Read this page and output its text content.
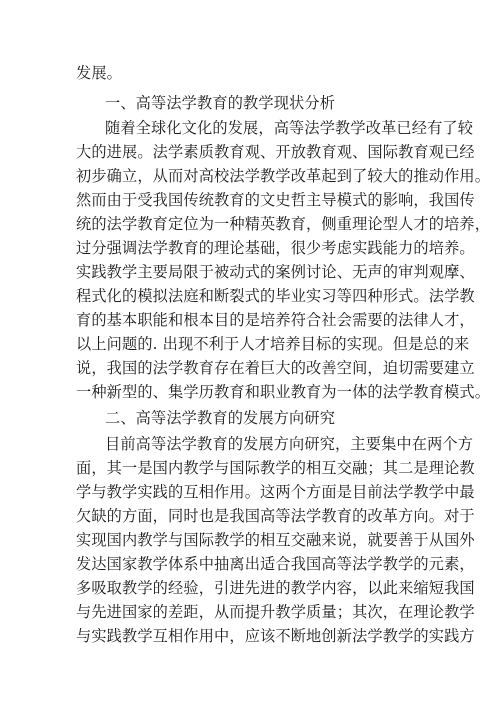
发展。
一、高等法学教育的教学现状分析
随着全球化文化的发展，高等法学教学改革已经有了较
大的进展。法学素质教育观、开放教育观、国际教育观已经
初步确立，从而对高校法学教学改革起到了较大的推动作用。
然而由于受我国传统教育的文史哲主导模式的影响，我国传
统的法学教育定位为一种精英教育，侧重理论型人才的培养，
过分强调法学教育的理论基础，很少考虑实践能力的培养。
实践教学主要局限于被动式的案例讨论、无声的审判观摩、
程式化的模拟法庭和断裂式的毕业实习等四种形式。法学教
育的基本职能和根本目的是培养符合社会需要的法律人才，
以上问题的. 出现不利于人才培养目标的实现。但是总的来
说，我国的法学教育存在着巨大的改善空间，迫切需要建立
一种新型的、集学历教育和职业教育为一体的法学教育模式。
二、高等法学教育的发展方向研究
目前高等法学教育的发展方向研究，主要集中在两个方
面，其一是国内教学与国际教学的相互交融；其二是理论教
学与教学实践的互相作用。这两个方面是目前法学教学中最
欠缺的方面，同时也是我国高等法学教育的改革方向。对于
实现国内教学与国际教学的相互交融来说，就要善于从国外
发达国家教学体系中抽离出适合我国高等法学教学的元素，
多吸取教学的经验，引进先进的教学内容，以此来缩短我国
与先进国家的差距，从而提升教学质量；其次，在理论教学
与实践教学互相作用中，应该不断地创新法学教学的实践方
